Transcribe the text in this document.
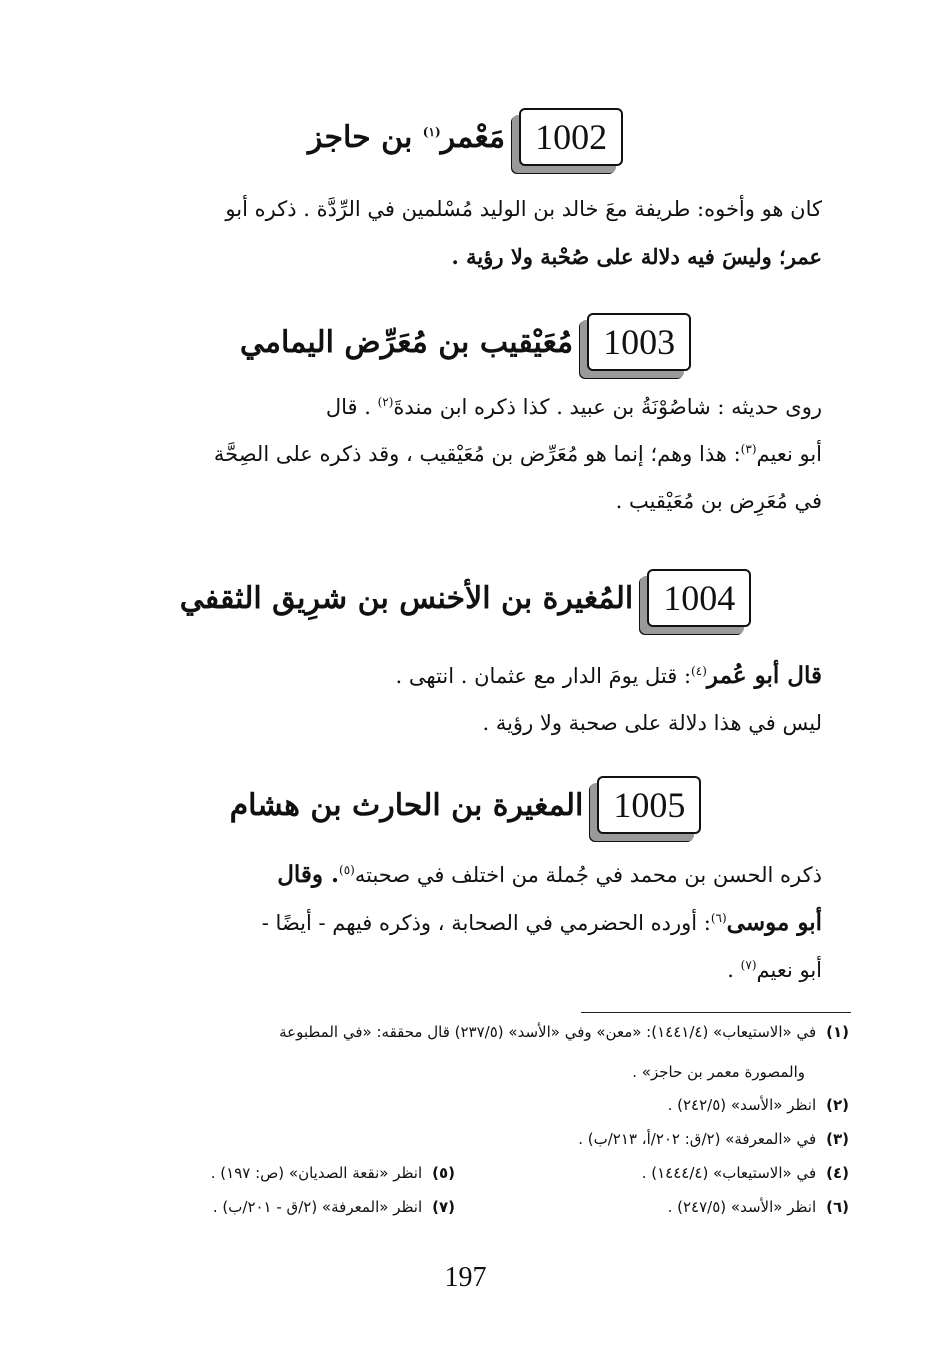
1002
مَعْمر$^{(١)}$ بن حاجز
كان هو وأخوه: طريفة معَ خالد بن الوليد مُسْلمين في الرِّدَّة . ذكره أبو
عمر؛ وليسَ فيه دلالة على صُحْبة ولا رؤية .
1003
مُعَيْقيب بن مُعَرِّض اليمامي
روى حديثه : شاصُوْنَةُ بن عبيد . كذا ذكره ابن مندةَ$^{(٢)}$ . قال
أبو نعيم$^{(٣)}$: هذا وهم؛ إنما هو مُعَرِّض بن مُعَيْقيب ، وقد ذكره على الصِحَّة
في مُعَرِض بن مُعَيْقيب .
1004
المُغيرة بن الأخنس بن شرِيق الثقفي
قال أبو عُمر$^{(٤)}$: قتل يومَ الدار مع عثمان . انتهى .
ليس في هذا دلالة على صحبة ولا رؤية .
1005
المغيرة بن الحارث بن هشام
ذكره الحسن بن محمد في جُملة من اختلف في صحبته$^{(٥)}$. وقال
أبو موسى$^{(٦)}$: أورده الحضرمي في الصحابة ، وذكره فيهم - أيضًا -
أبو نعيم$^{(٧)}$ .
(١)في «الاستيعاب» (١٤٤١/٤): «معن» وفي «الأسد» (٢٣٧/٥) قال محققه: «في المطبوعة
والمصورة معمر بن حاجز» .
(٢)انظر «الأسد» (٢٤٢/٥) .
(٣)في «المعرفة» (٢/ق: ٢٠٢/أ، ٢١٣/ب) .
(٤)في «الاستيعاب» (١٤٤٤/٤) .
(٥)انظر «نقعة الصديان» (ص: ١٩٧) .
(٦)انظر «الأسد» (٢٤٧/٥) .
(٧)انظر «المعرفة» (٢/ق - ٢٠١/ب) .
197
